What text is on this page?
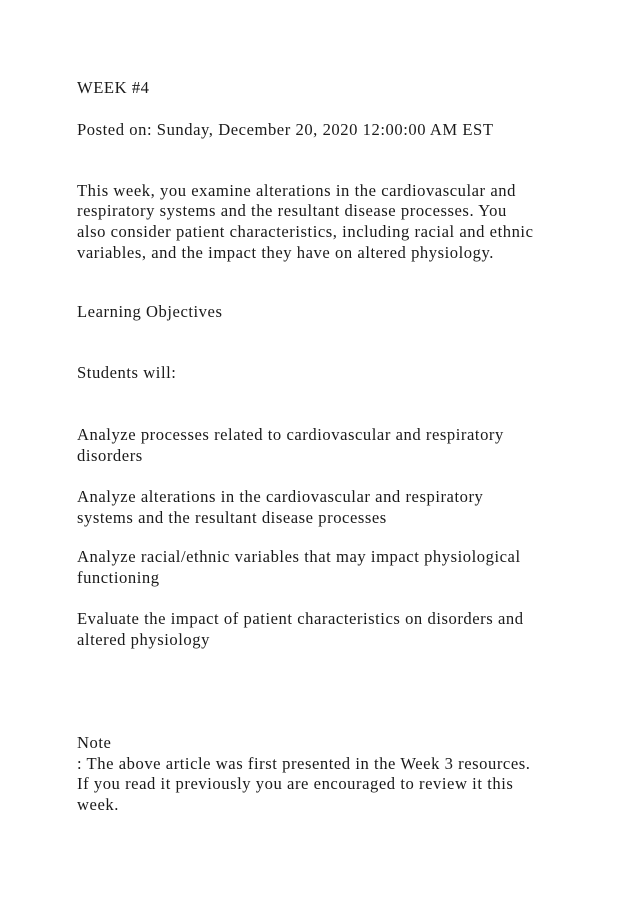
WEEK #4
Posted on: Sunday, December 20, 2020 12:00:00 AM EST
This week, you examine alterations in the cardiovascular and
respiratory systems and the resultant disease processes. You
also consider patient characteristics, including racial and ethnic
variables, and the impact they have on altered physiology.
Learning Objectives
Students will:
Analyze processes related to cardiovascular and respiratory
disorders
Analyze alterations in the cardiovascular and respiratory
systems and the resultant disease processes
Analyze racial/ethnic variables that may impact physiological
functioning
Evaluate the impact of patient characteristics on disorders and
altered physiology
Note
: The above article was first presented in the Week 3 resources.
If you read it previously you are encouraged to review it this
week.
